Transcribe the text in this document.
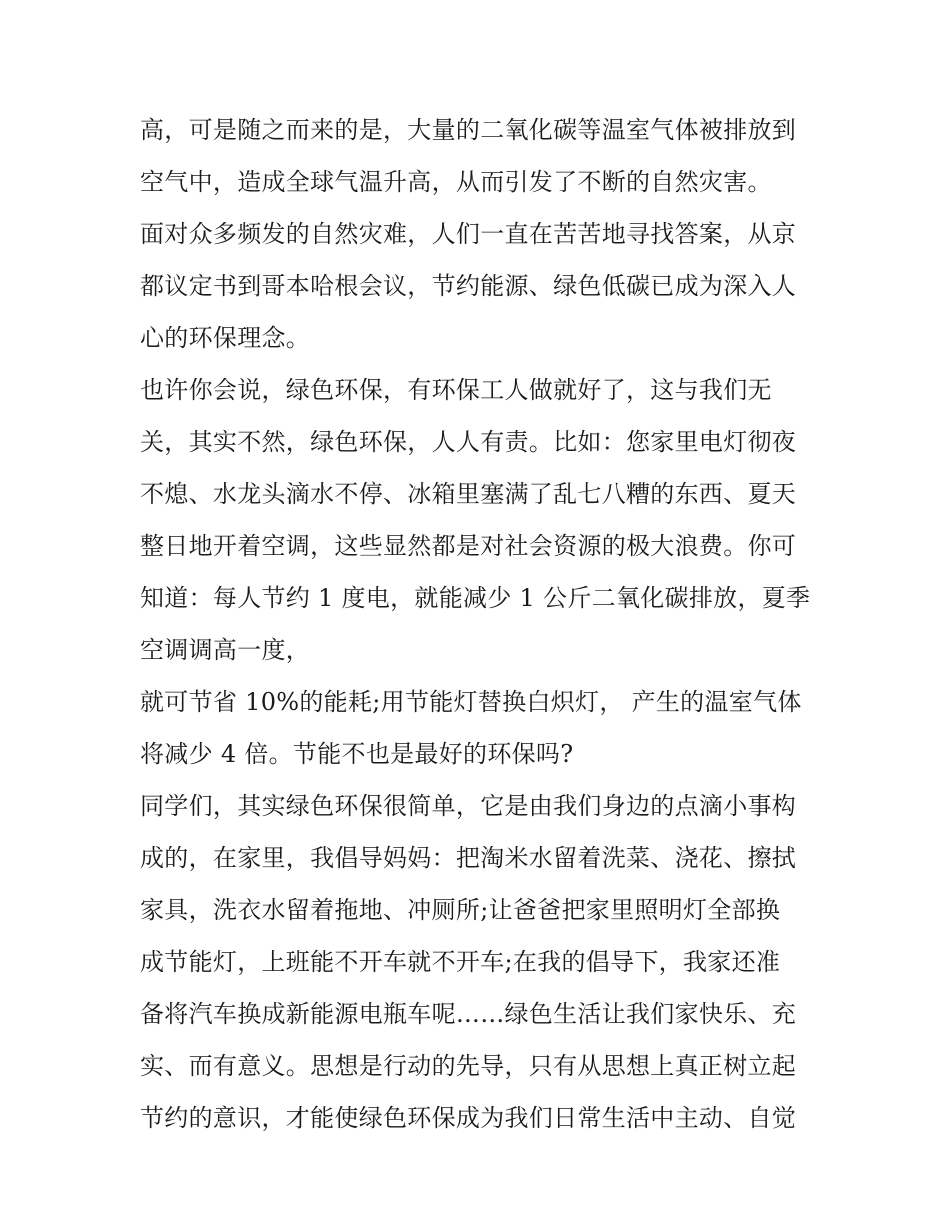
高，可是随之而来的是，大量的二氧化碳等温室气体被排放到
空气中，造成全球气温升高，从而引发了不断的自然灾害。
面对众多频发的自然灾难，人们一直在苦苦地寻找答案，从京
都议定书到哥本哈根会议，节约能源、绿色低碳已成为深入人
心的环保理念。
也许你会说，绿色环保，有环保工人做就好了，这与我们无
关，其实不然，绿色环保，人人有责。比如：您家里电灯彻夜
不熄、水龙头滴水不停、冰箱里塞满了乱七八糟的东西、夏天
整日地开着空调，这些显然都是对社会资源的极大浪费。你可
知道：每人节约 1 度电，就能减少 1 公斤二氧化碳排放，夏季
空调调高一度，
就可节省 10%的能耗;用节能灯替换白炽灯， 产生的温室气体
将减少 4 倍。节能不也是最好的环保吗?
同学们，其实绿色环保很简单，它是由我们身边的点滴小事构
成的，在家里，我倡导妈妈：把淘米水留着洗菜、浇花、擦拭
家具，洗衣水留着拖地、冲厕所;让爸爸把家里照明灯全部换
成节能灯，上班能不开车就不开车;在我的倡导下，我家还准
备将汽车换成新能源电瓶车呢……绿色生活让我们家快乐、充
实、而有意义。思想是行动的先导，只有从思想上真正树立起
节约的意识，才能使绿色环保成为我们日常生活中主动、自觉
